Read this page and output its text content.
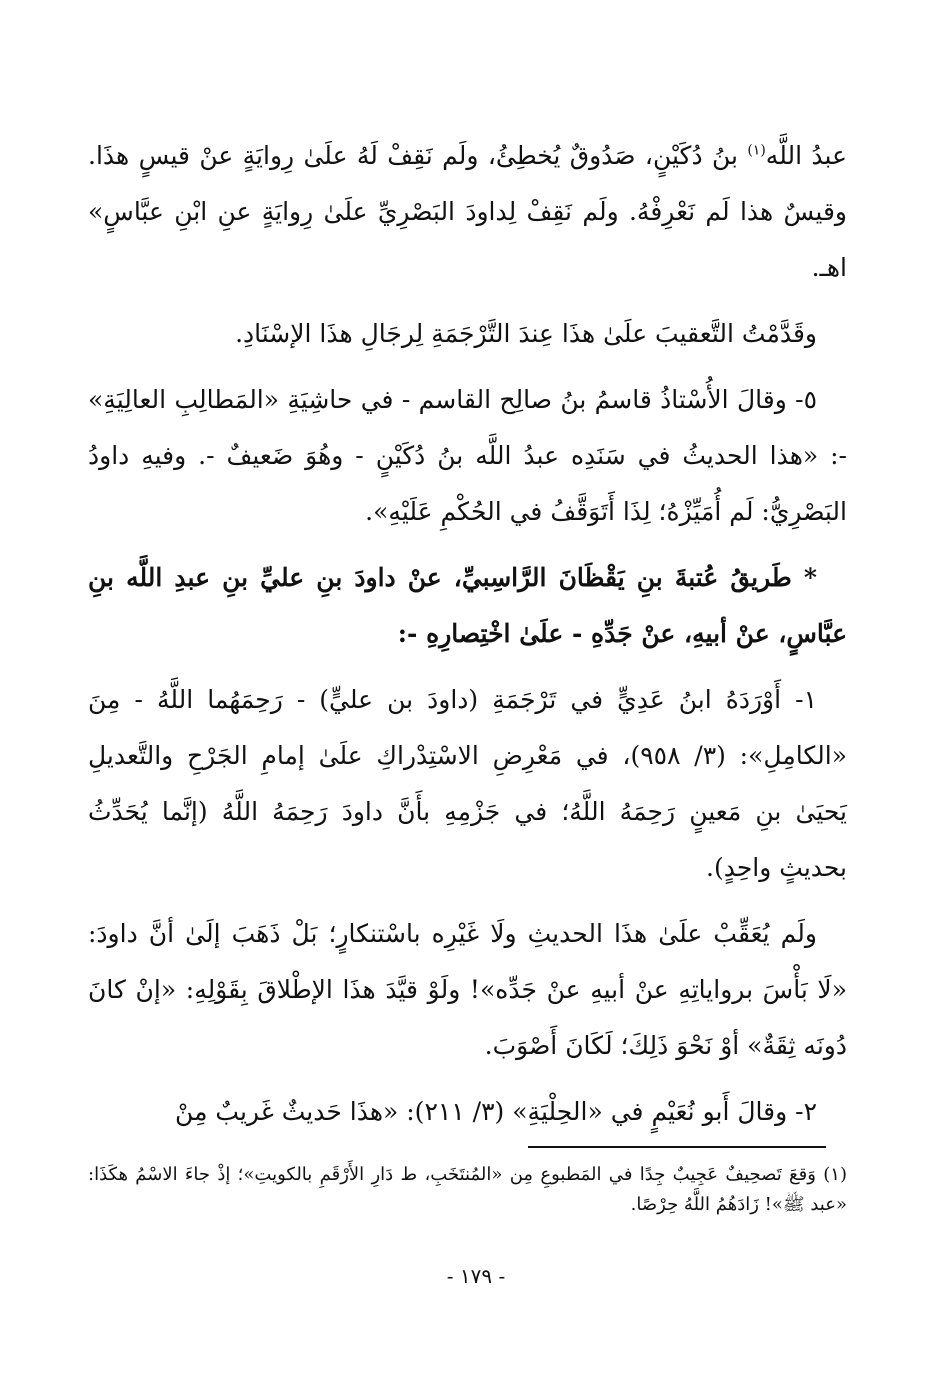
عبدُ اللَّه$^{(١)}$ بنُ دُكَيْنٍ، صَدُوقٌ يُخطِئُ، ولَم نَقِفْ لَهُ علَىٰ رِوايَةٍ عنْ قيسٍ هذَا. وقيسٌ هذا لَم نَعْرِفْهُ. ولَم نَقِفْ لِداودَ البَصْرِيِّ علَىٰ رِوايَةٍ عنِ ابْنِ عبَّاسٍ» اهـ.

وقَدَّمْتُ التَّعقيبَ علَىٰ هذَا عِندَ التَّرْجَمَةِ لِرجَالِ هذَا الإسْنَادِ.

٥- وقالَ الأُسْتاذُ قاسمُ بنُ صالِح القاسم - في حاشِيَةِ «المَطالِبِ العالِيَةِ» -: «هذا الحديثُ في سَنَدِه عبدُ اللَّه بنُ دُكَيْنٍ - وهُوَ ضَعيفٌ -. وفيهِ داودُ البَصْرِيُّ: لَم أُمَيِّزْهُ؛ لِذَا أَتَوَقَّفُ في الحُكْمِ عَلَيْهِ».

* طَريقُ عُتبةَ بنِ يَقْظَانَ الرَّاسِبيِّ، عنْ داودَ بنِ عليِّ بنِ عبدِ اللَّه بنِ عبَّاسٍ، عنْ أبيهِ، عنْ جَدِّهِ - علَىٰ اخْتِصارِهِ -:

١- أَوْرَدَهُ ابنُ عَدِيٍّ في تَرْجَمَةِ (داودَ بن عليٍّ) - رَحِمَهُما اللَّهُ - مِنَ «الكامِلِ»: (٣/ ٩٥٨)، في مَعْرِضِ الاسْتِدْراكِ علَىٰ إمامِ الجَرْحِ والتَّعديلِ يَحيَىٰ بنِ مَعينٍ رَحِمَهُ اللَّهُ؛ في جَزْمِهِ بأَنَّ داودَ رَحِمَهُ اللَّهُ (إنَّما يُحَدِّثُ بحديثٍ واحِدٍ).

ولَم يُعَقِّبْ علَىٰ هذَا الحديثِ ولَا غَيْرِه باسْتنكارٍ؛ بَلْ ذَهَبَ إلَىٰ أنَّ داودَ: «لَا بَأْسَ برواياتِهِ عنْ أبيهِ عنْ جَدِّه»! ولَوْ قيَّدَ هذَا الإطْلاقَ بِقَوْلِهِ: «إنْ كانَ دُونَه ثِقَةٌ» أوْ نَحْوَ ذَلِكَ؛ لَكَانَ أَصْوَبَ.

٢- وقالَ أَبو نُعَيْمٍ في «الحِلْيَةِ» (٣/ ٢١١): «هذَا حَديثٌ غَريبٌ مِنْ

(١) وَقعَ تَصحِيفٌ عَجِيبٌ جِدًا في المَطبوعِ مِن «المُنتَخَبِ، ط دَارِ الأَرْقَمِ بالكويتِ»؛ إذْ جاءَ الاسْمُ هكَذَا: «عبد ﷺ»! زَادَهُمُ اللَّهُ حِرْصًا.

- ١٧٩ -
